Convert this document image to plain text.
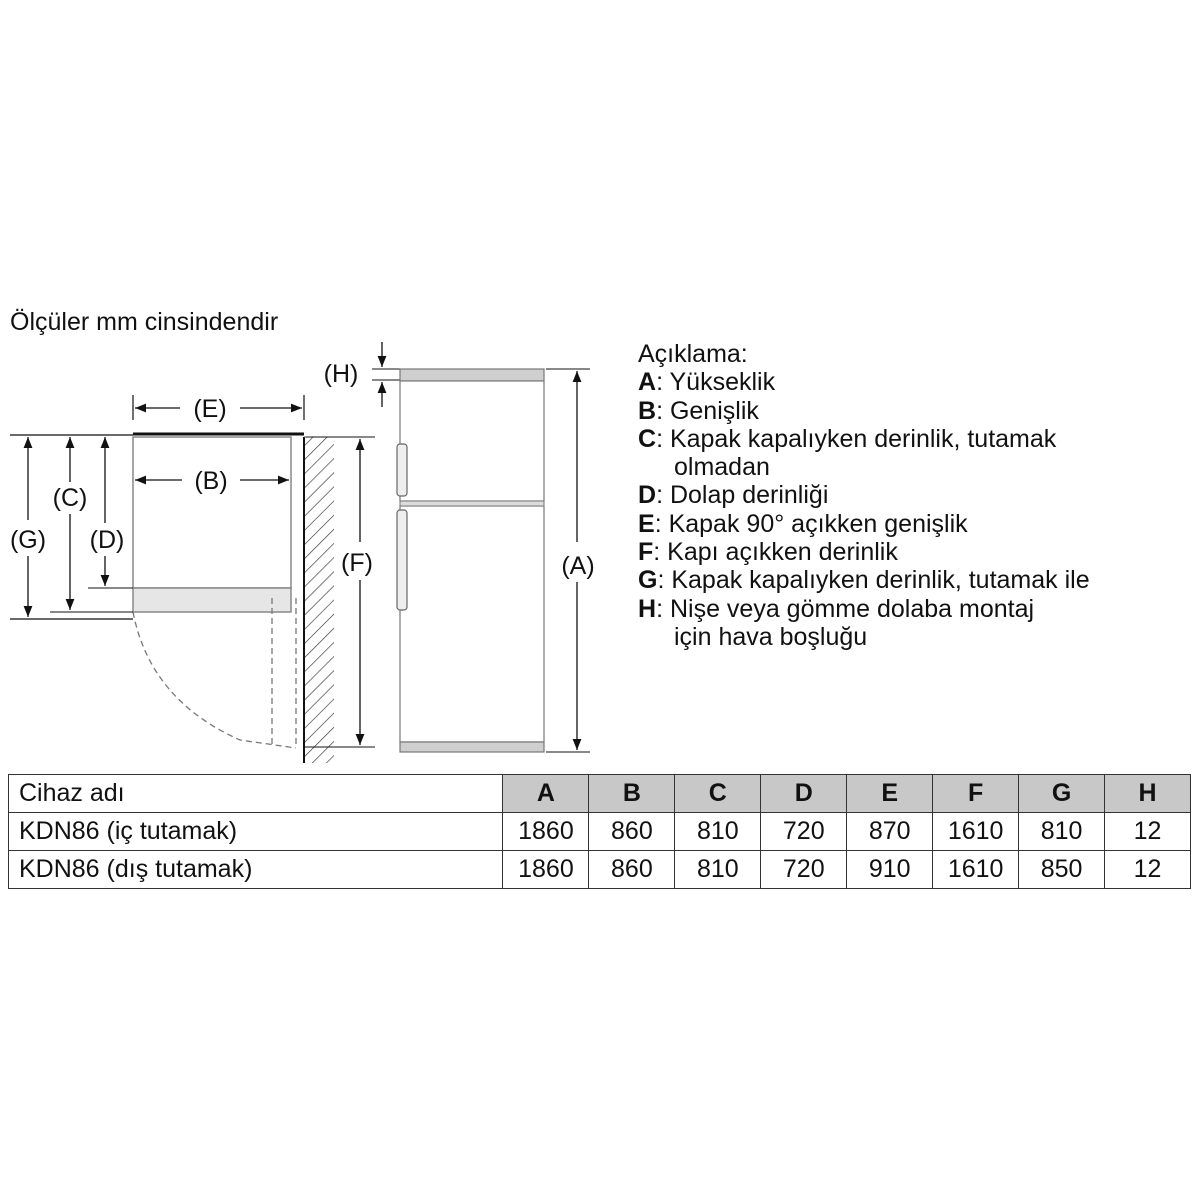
Ölçüler mm cinsindendir
(E)
(B)
(G)
(C)
(D)
(F)
(H)
(A)
Açıklama:
A: Yükseklik
B: Genişlik
C: Kapak kapalıyken derinlik, tutamak
olmadan
D: Dolap derinliği
E: Kapak 90° açıkken genişlik
F: Kapı açıkken derinlik
G: Kapak kapalıyken derinlik, tutamak ile
H: Nişe veya gömme dolaba montaj
için hava boşluğu
Cihaz adı	A	B	C	D	E	F	G	H
KDN86 (iç tutamak)	1860	860	810	720	870	1610	810	12
KDN86 (dış tutamak)	1860	860	810	720	910	1610	850	12
